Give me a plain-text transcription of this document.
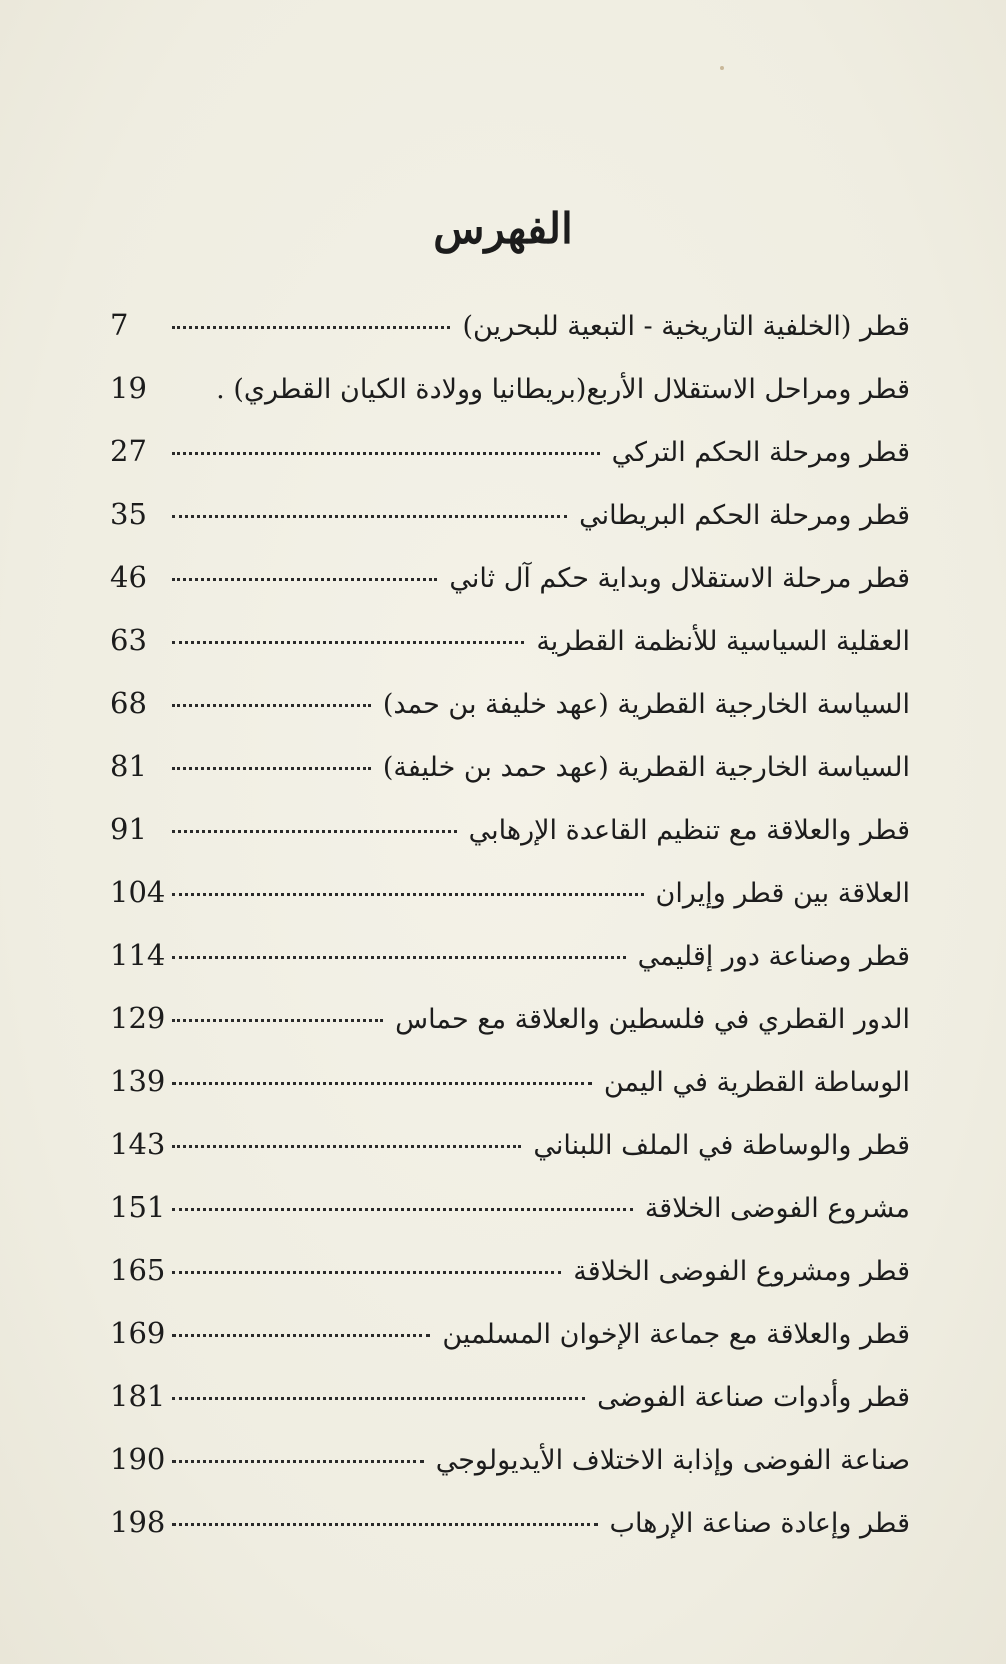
الفهرس
قطر (الخلفية التاريخية - التبعية للبحرين)
7
قطر ومراحل الاستقلال الأربع(بريطانيا وولادة الكيان القطري) .
19
قطر ومرحلة الحكم التركي
27
قطر ومرحلة الحكم البريطاني
35
قطر مرحلة الاستقلال وبداية حكم آل ثاني
46
العقلية السياسية للأنظمة القطرية
63
السياسة الخارجية القطرية (عهد خليفة بن حمد)
68
السياسة الخارجية القطرية (عهد حمد بن خليفة)
81
قطر والعلاقة مع تنظيم القاعدة الإرهابي
91
العلاقة بين قطر وإيران
104
قطر وصناعة دور إقليمي
114
الدور القطري في فلسطين والعلاقة مع حماس
129
الوساطة القطرية في اليمن
139
قطر والوساطة في الملف اللبناني
143
مشروع الفوضى الخلاقة
151
قطر ومشروع الفوضى الخلاقة
165
قطر والعلاقة مع جماعة الإخوان المسلمين
169
قطر وأدوات صناعة الفوضى
181
صناعة الفوضى وإذابة الاختلاف الأيديولوجي
190
قطر وإعادة صناعة الإرهاب
198
